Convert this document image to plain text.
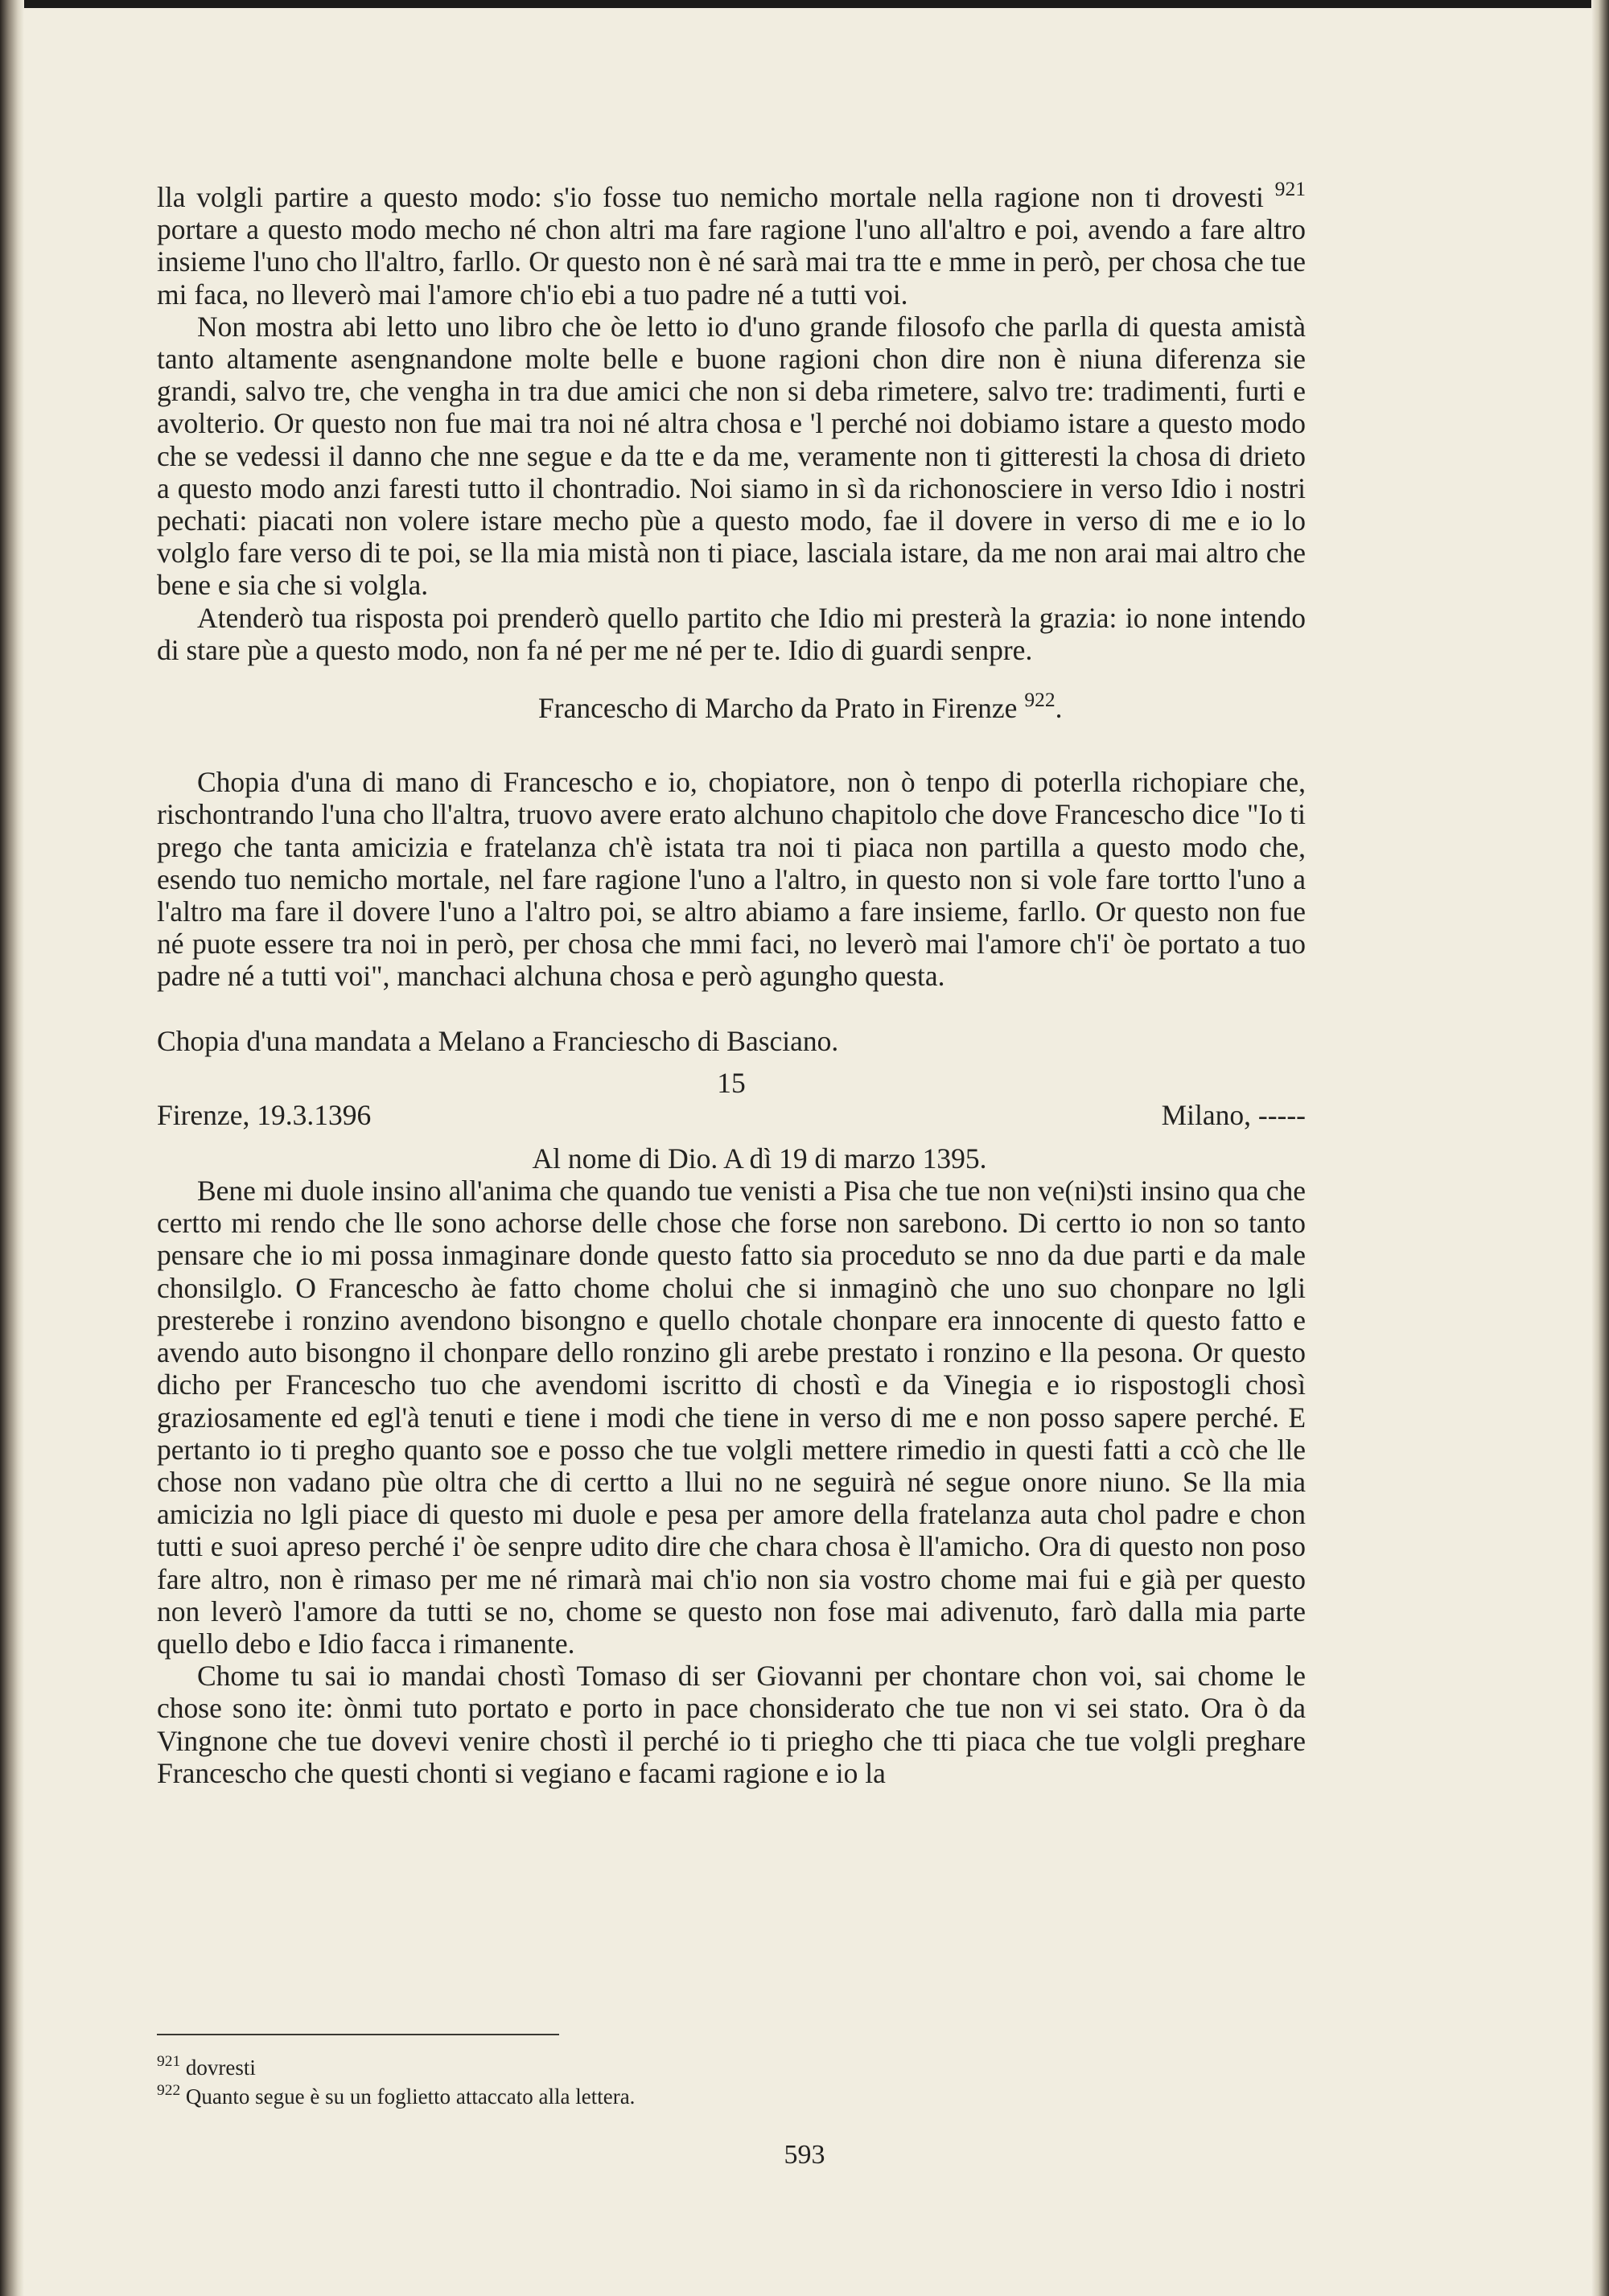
lla volgli partire a questo modo: s'io fosse tuo nemicho mortale nella ragione non ti drovesti $^{921}$ portare a questo modo mecho né chon altri ma fare ragione l'uno all'altro e poi, avendo a fare altro insieme l'uno cho ll'altro, farllo. Or questo non è né sarà mai tra tte e mme in però, per chosa che tue mi faca, no lleverò mai l'amore ch'io ebi a tuo padre né a tutti voi.

Non mostra abi letto uno libro che òe letto io d'uno grande filosofo che parlla di questa amistà tanto altamente asengnandone molte belle e buone ragioni chon dire non è niuna diferenza sie grandi, salvo tre, che vengha in tra due amici che non si deba rimetere, salvo tre: tradimenti, furti e avolterio. Or questo non fue mai tra noi né altra chosa e 'l perché noi dobiamo istare a questo modo che se vedessi il danno che nne segue e da tte e da me, veramente non ti gitteresti la chosa di drieto a questo modo anzi faresti tutto il chontradio. Noi siamo in sì da richonosciere in verso Idio i nostri pechati: piacati non volere istare mecho pùe a questo modo, fae il dovere in verso di me e io lo volglo fare verso di te poi, se lla mia mistà non ti piace, lasciala istare, da me non arai mai altro che bene e sia che si volgla.

Atenderò tua risposta poi prenderò quello partito che Idio mi presterà la grazia: io none intendo di stare pùe a questo modo, non fa né per me né per te. Idio di guardi senpre.

Francescho di Marcho da Prato in Firenze $^{922}$.

Chopia d'una di mano di Francescho e io, chopiatore, non ò tenpo di poterlla richopiare che, rischontrando l'una cho ll'altra, truovo avere erato alchuno chapitolo che dove Francescho dice "Io ti prego che tanta amicizia e fratelanza ch'è istata tra noi ti piaca non partilla a questo modo che, esendo tuo nemicho mortale, nel fare ragione l'uno a l'altro, in questo non si vole fare tortto l'uno a l'altro ma fare il dovere l'uno a l'altro poi, se altro abiamo a fare insieme, farllo. Or questo non fue né puote essere tra noi in però, per chosa che mmi faci, no leverò mai l'amore ch'i' òe portato a tuo padre né a tutti voi", manchaci alchuna chosa e però agungho questa.

Chopia d'una mandata a Melano a Franciescho di Basciano.

15
Firenze, 19.3.1396	Milano, -----

Al nome di Dio. A dì 19 di marzo 1395.

Bene mi duole insino all'anima che quando tue venisti a Pisa che tue non ve(ni)sti insino qua che certto mi rendo che lle sono achorse delle chose che forse non sarebono. Di certto io non so tanto pensare che io mi possa inmaginare donde questo fatto sia proceduto se nno da due parti e da male chonsilglo. O Francescho àe fatto chome cholui che si inmaginò che uno suo chonpare no lgli presterebe i ronzino avendono bisongno e quello chotale chonpare era innocente di questo fatto e avendo auto bisongno il chonpare dello ronzino gli arebe prestato i ronzino e lla pesona. Or questo dicho per Francescho tuo che avendomi iscritto di chostì e da Vinegia e io rispostogli chosì graziosamente ed egl'à tenuti e tiene i modi che tiene in verso di me e non posso sapere perché. E pertanto io ti pregho quanto soe e posso che tue volgli mettere rimedio in questi fatti a ccò che lle chose non vadano pùe oltra che di certto a llui no ne seguirà né segue onore niuno. Se lla mia amicizia no lgli piace di questo mi duole e pesa per amore della fratelanza auta chol padre e chon tutti e suoi apreso perché i' òe senpre udito dire che chara chosa è ll'amicho. Ora di questo non poso fare altro, non è rimaso per me né rimarà mai ch'io non sia vostro chome mai fui e già per questo non leverò l'amore da tutti se no, chome se questo non fose mai adivenuto, farò dalla mia parte quello debo e Idio facca i rimanente.

Chome tu sai io mandai chostì Tomaso di ser Giovanni per chontare chon voi, sai chome le chose sono ite: ònmi tuto portato e porto in pace chonsiderato che tue non vi sei stato. Ora ò da Vingnone che tue dovevi venire chostì il perché io ti priegho che tti piaca che tue volgli preghare Francescho che questi chonti si vegiano e facami ragione e io la

$^{921}$ dovresti
$^{922}$ Quanto segue è su un foglietto attaccato alla lettera.
593
